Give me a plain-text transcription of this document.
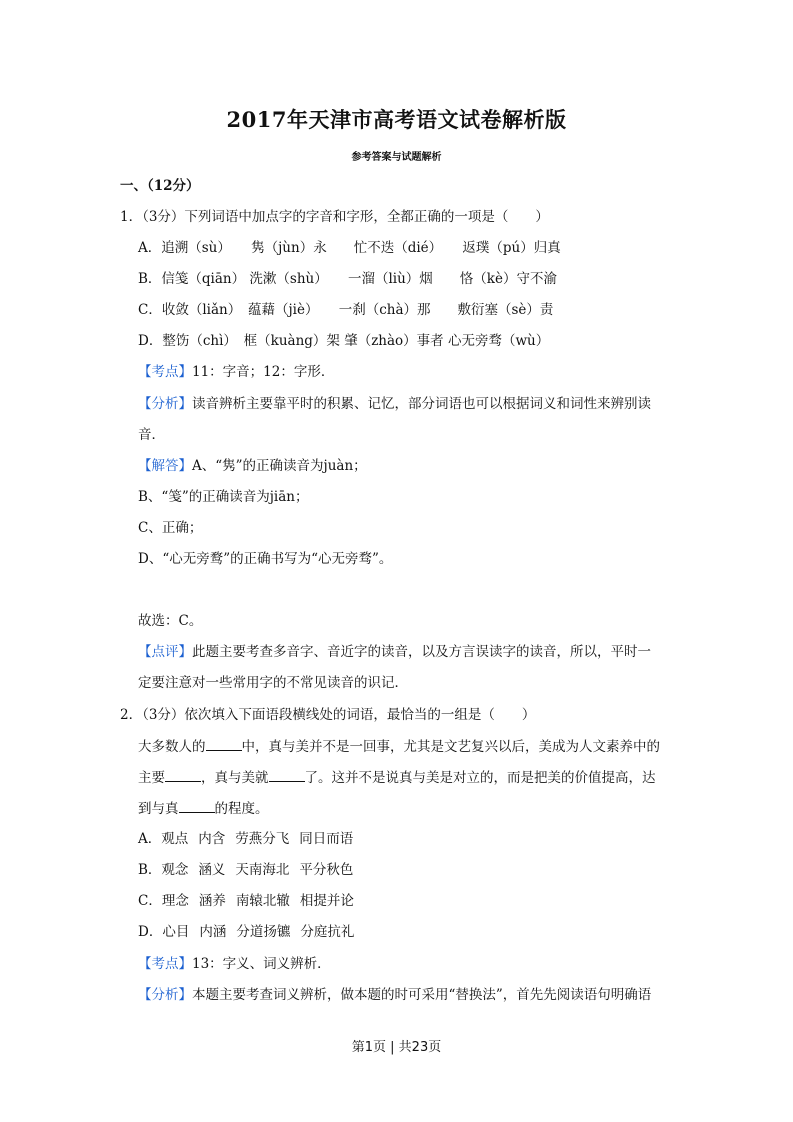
2017年天津市高考语文试卷解析版
参考答案与试题解析
一、（12分）
1．（3分）下列词语中加点字的字音和字形，全都正确的一项是（　　）
A．追溯（sù）　　隽（jùn）永　　忙不迭（dié）　　返璞（pú）归真
B．信笺（qiān） 洗漱（shù）　　一溜（liù）烟　　恪（kè）守不渝
C．收敛（liǎn）　蕴藉（jiè）　　一刹（chà）那　　敷衍塞（sè）责
D．整饬（chì）　框（kuàng）架 肇（zhào）事者 心无旁骛（wù）
【考点】11：字音；12：字形．
【分析】读音辨析主要靠平时的积累、记忆，部分词语也可以根据词义和词性来辨别读
音．
【解答】A、“隽”的正确读音为juàn；
B、“笺”的正确读音为jiān；
C、正确；
D、“心无旁鹜”的正确书写为“心无旁骛”。
故选：C。
【点评】此题主要考查多音字、音近字的读音，以及方言误读字的读音，所以，平时一
定要注意对一些常用字的不常见读音的识记．
2．（3分）依次填入下面语段横线处的词语，最恰当的一组是（　　）
大多数人的	中，真与美并不是一回事，尤其是文艺复兴以后，美成为人文素养中的
主要	，真与美就	了。这并不是说真与美是对立的，而是把美的价值提高，达
到与真	的程度。
A．观点 内含 劳燕分飞 同日而语
B．观念 涵义 天南海北 平分秋色
C．理念 涵养 南辕北辙 相提并论
D．心目 内涵 分道扬镳 分庭抗礼
【考点】13：字义、词义辨析．
【分析】本题主要考查词义辨析，做本题的时可采用“替换法”，首先先阅读语句明确语
第1页 | 共23页
